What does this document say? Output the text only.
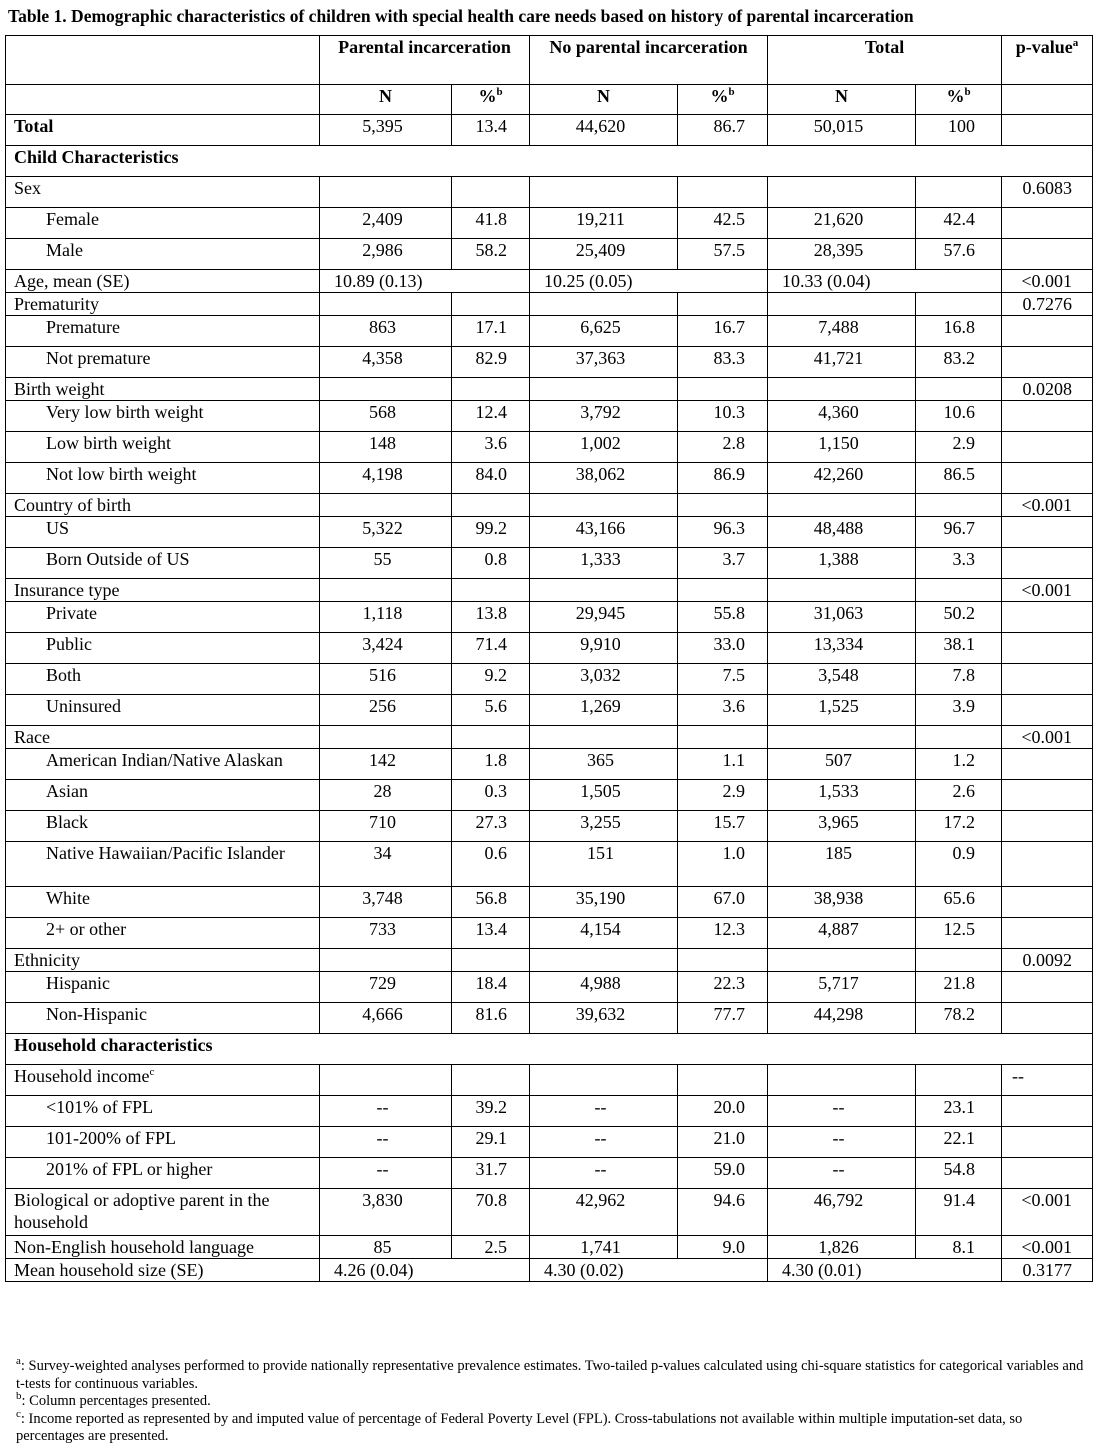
Table 1. Demographic characteristics of children with special health care needs based on history of parental incarceration
	Parental incarceration		No parental incarceration		Total		p-value$^a$
	N	%$^b$	N	%$^b$	N	%$^b$	
Total	5,395	13.4	44,620	86.7	50,015	100	
Child Characteristics							
Sex							0.6083
Female	2,409	41.8	19,211	42.5	21,620	42.4	
Male	2,986	58.2	25,409	57.5	28,395	57.6	
Age, mean (SE)	10.89 (0.13)		10.25 (0.05)		10.33 (0.04)		<0.001
Prematurity							0.7276
Premature	863	17.1	6,625	16.7	7,488	16.8	
Not premature	4,358	82.9	37,363	83.3	41,721	83.2	
Birth weight							0.0208
Very low birth weight	568	12.4	3,792	10.3	4,360	10.6	
Low birth weight	148	3.6	1,002	2.8	1,150	2.9	
Not low birth weight	4,198	84.0	38,062	86.9	42,260	86.5	
Country of birth							<0.001
US	5,322	99.2	43,166	96.3	48,488	96.7	
Born Outside of US	55	0.8	1,333	3.7	1,388	3.3	
Insurance type							<0.001
Private	1,118	13.8	29,945	55.8	31,063	50.2	
Public	3,424	71.4	9,910	33.0	13,334	38.1	
Both	516	9.2	3,032	7.5	3,548	7.8	
Uninsured	256	5.6	1,269	3.6	1,525	3.9	
Race							<0.001
American Indian/Native Alaskan	142	1.8	365	1.1	507	1.2	
Asian	28	0.3	1,505	2.9	1,533	2.6	
Black	710	27.3	3,255	15.7	3,965	17.2	
Native Hawaiian/Pacific Islander	34	0.6	151	1.0	185	0.9	
White	3,748	56.8	35,190	67.0	38,938	65.6	
2+ or other	733	13.4	4,154	12.3	4,887	12.5	
Ethnicity							0.0092
Hispanic	729	18.4	4,988	22.3	5,717	21.8	
Non-Hispanic	4,666	81.6	39,632	77.7	44,298	78.2	
Household characteristics							
Household income$^c$							--
<101% of FPL	--	39.2	--	20.0	--	23.1	
101-200% of FPL	--	29.1	--	21.0	--	22.1	
201% of FPL or higher	--	31.7	--	59.0	--	54.8	
Biological or adoptive parent in the household	3,830	70.8	42,962	94.6	46,792	91.4	<0.001
Non-English household language	85	2.5	1,741	9.0	1,826	8.1	<0.001
Mean household size (SE)	4.26 (0.04)		4.30 (0.02)		4.30 (0.01)		0.3177

$^a$: Survey-weighted analyses performed to provide nationally representative prevalence estimates. Two-tailed p-values calculated using chi-square statistics for categorical variables and t-tests for continuous variables.

$^b$: Column percentages presented.

$^c$: Income reported as represented by and imputed value of percentage of Federal Poverty Level (FPL). Cross-tabulations not available within multiple imputation-set data, so percentages are presented.
